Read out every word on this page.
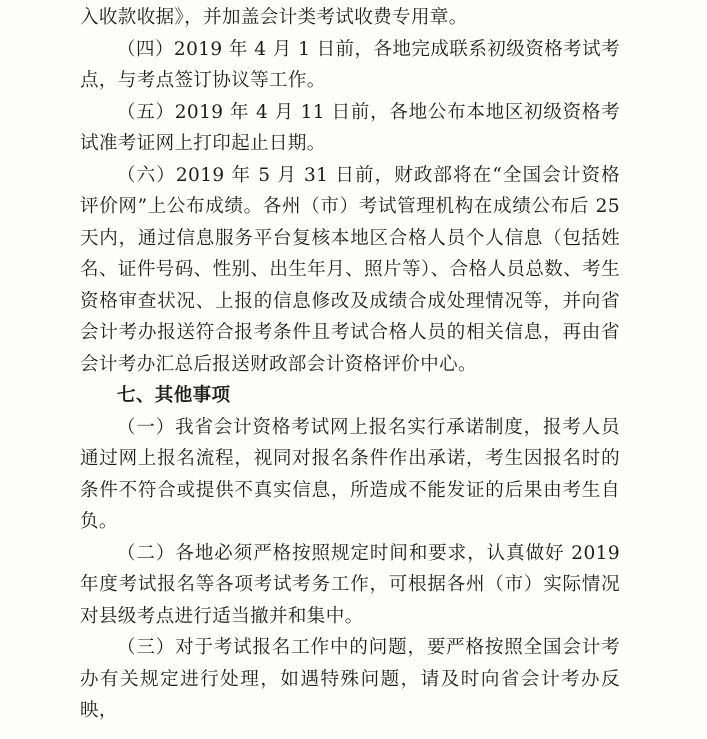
入收款收据》，并加盖会计类考试收费专用章。

（四）2019 年 4 月 1 日前，各地完成联系初级资格考试考点，与考点签订协议等工作。

（五）2019 年 4 月 11 日前，各地公布本地区初级资格考试准考证网上打印起止日期。

（六）2019 年 5 月 31 日前，财政部将在“全国会计资格评价网”上公布成绩。各州（市）考试管理机构在成绩公布后 25 天内，通过信息服务平台复核本地区合格人员个人信息（包括姓名、证件号码、性别、出生年月、照片等）、合格人员总数、考生资格审查状况、上报的信息修改及成绩合成处理情况等，并向省会计考办报送符合报考条件且考试合格人员的相关信息，再由省会计考办汇总后报送财政部会计资格评价中心。

七、其他事项

（一）我省会计资格考试网上报名实行承诺制度，报考人员通过网上报名流程，视同对报名条件作出承诺，考生因报名时的条件不符合或提供不真实信息，所造成不能发证的后果由考生自负。

（二）各地必须严格按照规定时间和要求，认真做好 2019 年度考试报名等各项考试考务工作，可根据各州（市）实际情况对县级考点进行适当撤并和集中。

（三）对于考试报名工作中的问题，要严格按照全国会计考办有关规定进行处理，如遇特殊问题，请及时向省会计考办反映，
